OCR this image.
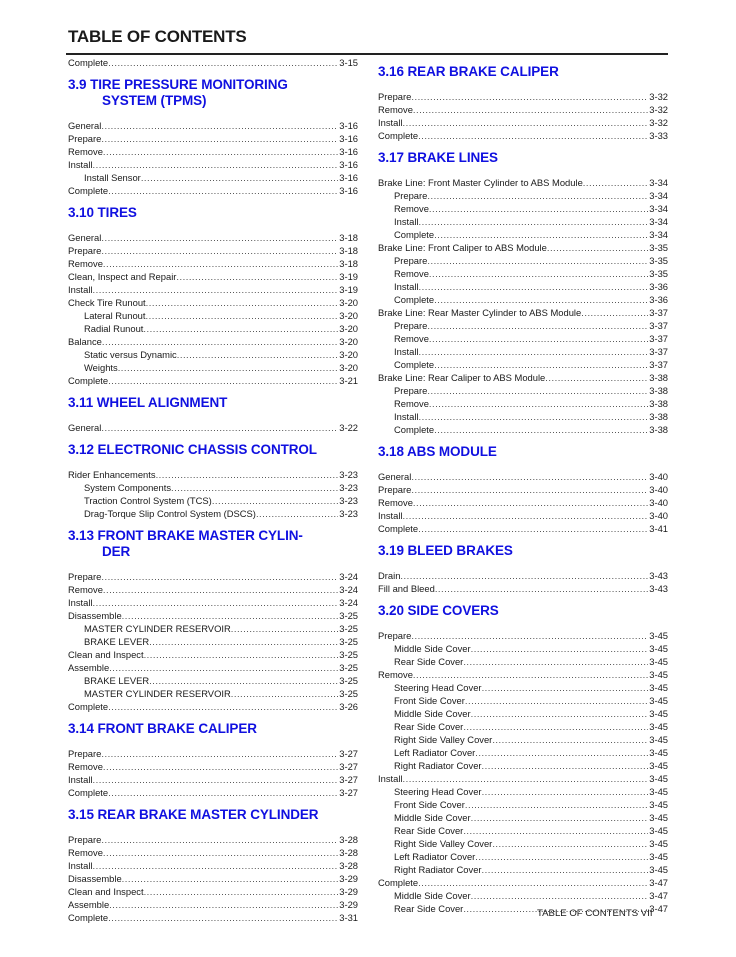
TABLE OF CONTENTS
Complete .....	3-15
3.9 TIRE PRESSURE MONITORING
SYSTEM (TPMS)
General .....	3-16
Prepare .....	3-16
Remove .....	3-16
Install .....	3-16
Install Sensor .....	3-16
Complete .....	3-16
3.10 TIRES
General .....	3-18
Prepare .....	3-18
Remove .....	3-18
Clean, Inspect and Repair .....	3-19
Install .....	3-19
Check Tire Runout .....	3-20
Lateral Runout .....	3-20
Radial Runout .....	3-20
Balance .....	3-20
Static versus Dynamic .....	3-20
Weights .....	3-20
Complete .....	3-21
3.11 WHEEL ALIGNMENT
General .....	3-22
3.12 ELECTRONIC CHASSIS CONTROL
Rider Enhancements .....	3-23
System Components .....	3-23
Traction Control System (TCS) .....	3-23
Drag-Torque Slip Control System (DSCS) .....	3-23
3.13 FRONT BRAKE MASTER CYLIN-
DER
Prepare .....	3-24
Remove .....	3-24
Install .....	3-24
Disassemble .....	3-25
MASTER CYLINDER RESERVOIR .....	3-25
BRAKE LEVER .....	3-25
Clean and Inspect .....	3-25
Assemble .....	3-25
BRAKE LEVER .....	3-25
MASTER CYLINDER RESERVOIR .....	3-25
Complete .....	3-26
3.14 FRONT BRAKE CALIPER
Prepare .....	3-27
Remove .....	3-27
Install .....	3-27
Complete .....	3-27
3.15 REAR BRAKE MASTER CYLINDER
Prepare .....	3-28
Remove .....	3-28
Install .....	3-28
Disassemble .....	3-29
Clean and Inspect .....	3-29
Assemble .....	3-29
Complete .....	3-31
3.16 REAR BRAKE CALIPER
Prepare .....	3-32
Remove .....	3-32
Install .....	3-32
Complete .....	3-33
3.17 BRAKE LINES
Brake Line: Front Master Cylinder to ABS Module .....	3-34
Prepare .....	3-34
Remove .....	3-34
Install .....	3-34
Complete .....	3-34
Brake Line: Front Caliper to ABS Module .....	3-35
Prepare .....	3-35
Remove .....	3-35
Install .....	3-36
Complete .....	3-36
Brake Line: Rear Master Cylinder to ABS Module .....	3-37
Prepare .....	3-37
Remove .....	3-37
Install .....	3-37
Complete .....	3-37
Brake Line: Rear Caliper to ABS Module .....	3-38
Prepare .....	3-38
Remove .....	3-38
Install .....	3-38
Complete .....	3-38
3.18 ABS MODULE
General .....	3-40
Prepare .....	3-40
Remove .....	3-40
Install .....	3-40
Complete .....	3-41
3.19 BLEED BRAKES
Drain .....	3-43
Fill and Bleed .....	3-43
3.20 SIDE COVERS
Prepare .....	3-45
Middle Side Cover .....	3-45
Rear Side Cover .....	3-45
Remove .....	3-45
Steering Head Cover .....	3-45
Front Side Cover .....	3-45
Middle Side Cover .....	3-45
Rear Side Cover .....	3-45
Right Side Valley Cover .....	3-45
Left Radiator Cover .....	3-45
Right Radiator Cover .....	3-45
Install .....	3-45
Steering Head Cover .....	3-45
Front Side Cover .....	3-45
Middle Side Cover .....	3-45
Rear Side Cover .....	3-45
Right Side Valley Cover .....	3-45
Left Radiator Cover .....	3-45
Right Radiator Cover .....	3-45
Complete .....	3-47
Middle Side Cover .....	3-47
Rear Side Cover .....	3-47
TABLE OF CONTENTS VII
